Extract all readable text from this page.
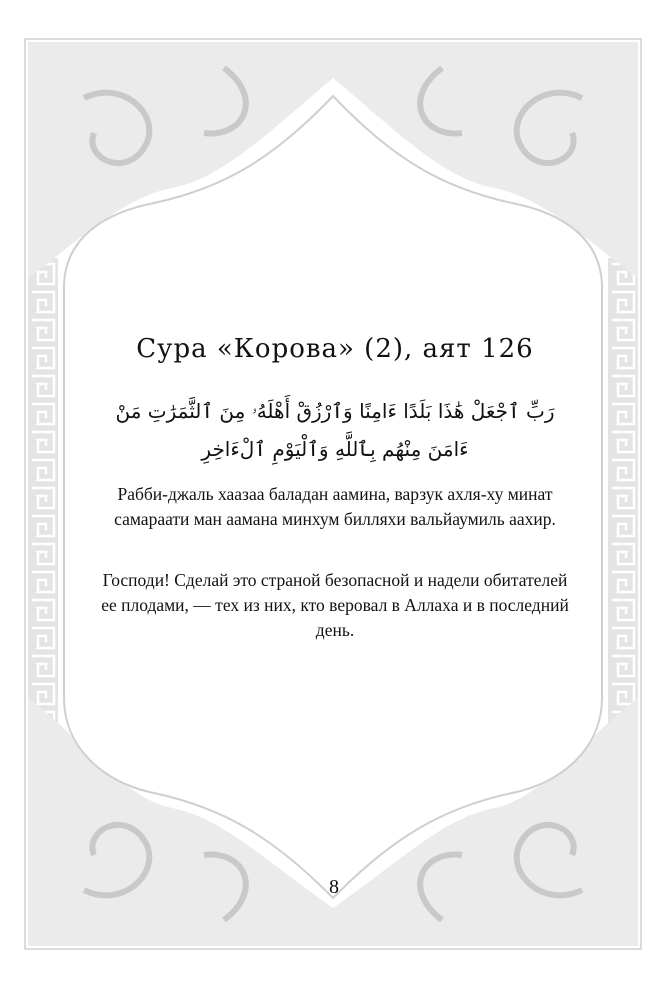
Сура «Корова» (2), аят 126
رَبِّ ٱجْعَلْ هَٰذَا بَلَدًا ءَامِنًا وَٱرْزُقْ أَهْلَهُۥ مِنَ ٱلثَّمَرَٰتِ مَنْ
ءَامَنَ مِنْهُم بِٱللَّهِ وَٱلْيَوْمِ ٱلْءَاخِرِ
Рабби-джаль хаазаа баладан аамина, варзук ахля-ху минат самараати ман аамана минхум билляхи вальйаумиль аахир.
Господи! Сделай это страной безопасной и надели обитателей ее плодами, — тех из них, кто веровал в Аллаха и в последний день.
8
